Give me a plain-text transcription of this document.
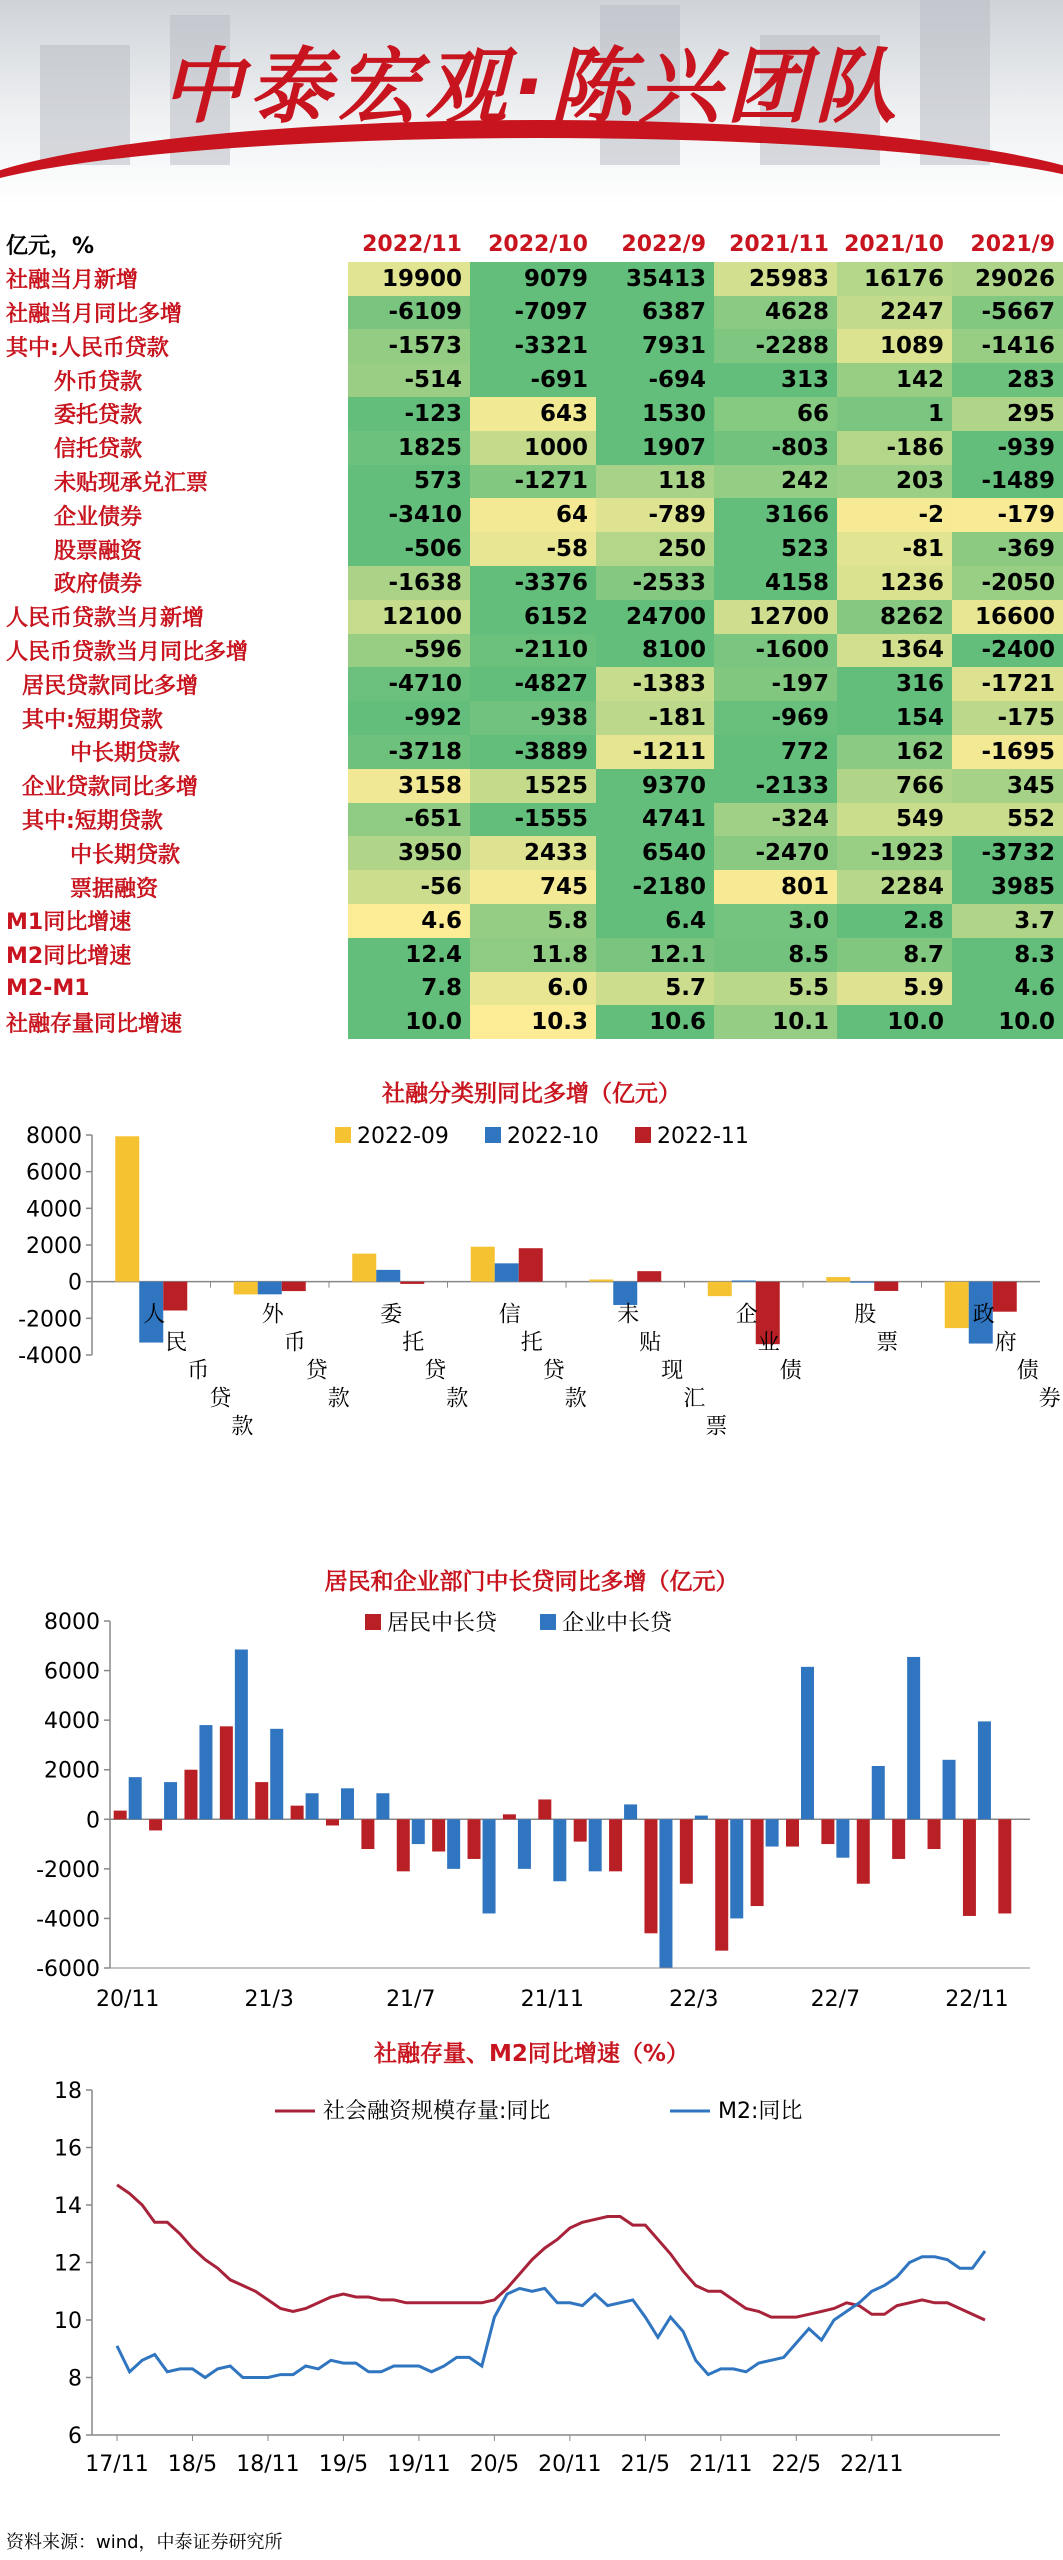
中泰宏观·陈兴团队
亿元，%	2022/11	2022/10	2022/9	2021/11	2021/10	2021/9
社融当月新增	19900	9079	35413	25983	16176	29026
社融当月同比多增	-6109	-7097	6387	4628	2247	-5667
其中:人民币贷款	-1573	-3321	7931	-2288	1089	-1416
外币贷款	-514	-691	-694	313	142	283
委托贷款	-123	643	1530	66	1	295
信托贷款	1825	1000	1907	-803	-186	-939
未贴现承兑汇票	573	-1271	118	242	203	-1489
企业债券	-3410	64	-789	3166	-2	-179
股票融资	-506	-58	250	523	-81	-369
政府债券	-1638	-3376	-2533	4158	1236	-2050
人民币贷款当月新增	12100	6152	24700	12700	8262	16600
人民币贷款当月同比多增	-596	-2110	8100	-1600	1364	-2400
居民贷款同比多增	-4710	-4827	-1383	-197	316	-1721
其中:短期贷款	-992	-938	-181	-969	154	-175
中长期贷款	-3718	-3889	-1211	772	162	-1695
企业贷款同比多增	3158	1525	9370	-2133	766	345
其中:短期贷款	-651	-1555	4741	-324	549	552
中长期贷款	3950	2433	6540	-2470	-1923	-3732
票据融资	-56	745	-2180	801	2284	3985
M1同比增速	4.6	5.8	6.4	3.0	2.8	3.7
M2同比增速	12.4	11.8	12.1	8.5	8.7	8.3
M2-M1	7.8	6.0	5.7	5.5	5.9	4.6
社融存量同比增速	10.0	10.3	10.6	10.1	10.0	10.0
社融分类别同比多增（亿元）
8000
6000
4000
2000
0
-2000
-4000
2022-09	2022-10	2022-11
人民币贷款
外币贷款
委托贷款
信托贷款
未贴现汇票
企业债
股票
政府债券
居民和企业部门中长贷同比多增（亿元）
8000
6000
4000
2000
0
-2000
-4000
-6000
居民中长贷	企业中长贷
20/11	21/3	21/7	21/11	22/3	22/7	22/11
社融存量、M2同比增速（%）
18
16
14
12
10
8
6
社会融资规模存量:同比	M2:同比
17/11 18/5 18/11 19/5 19/11 20/5 20/11 21/5 21/11 22/5 22/11
资料来源：wind，中泰证券研究所
